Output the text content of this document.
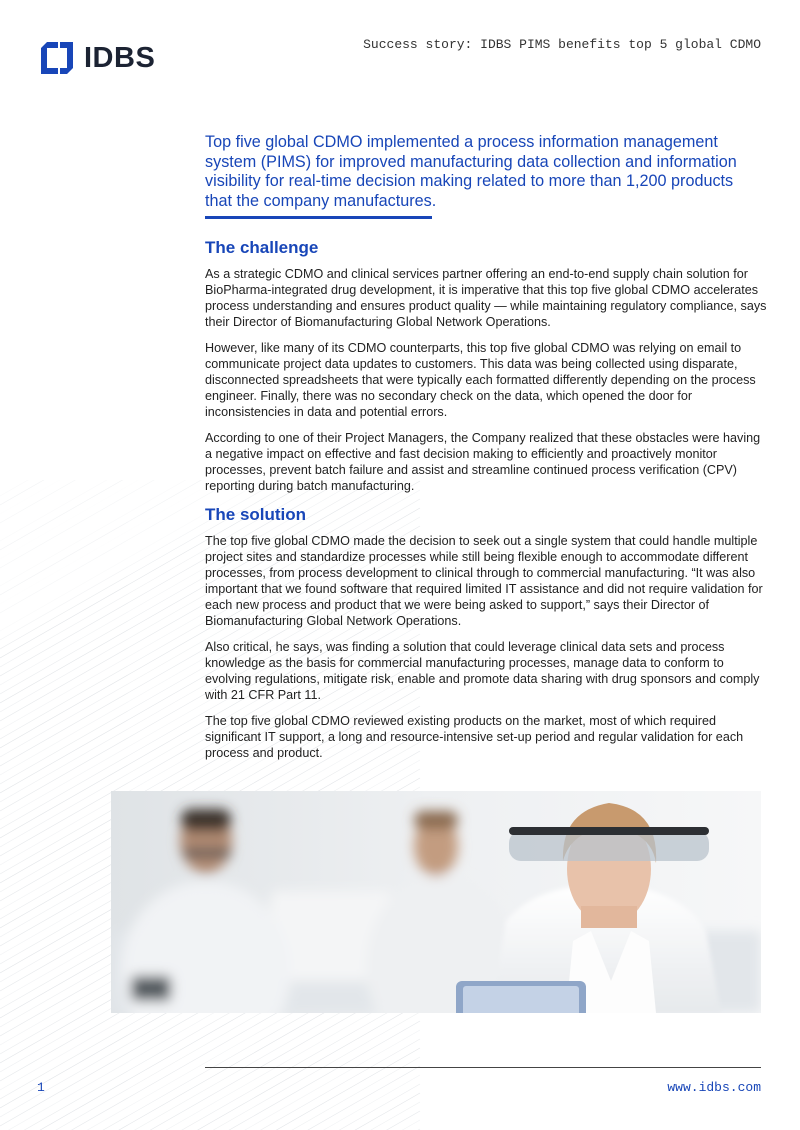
IDBS	Success story: IDBS PIMS benefits top 5 global CDMO
Top five global CDMO implemented a process information management system (PIMS) for improved manufacturing data collection and information visibility for real-time decision making related to more than 1,200 products that the company manufactures.
The challenge

As a strategic CDMO and clinical services partner offering an end-to-end supply chain solution for BioPharma-integrated drug development, it is imperative that this top five global CDMO accelerates process understanding and ensures product quality — while maintaining regulatory compliance, says their Director of Biomanufacturing Global Network Operations.

However, like many of its CDMO counterparts, this top five global CDMO was relying on email to communicate project data updates to customers. This data was being collected using disparate, disconnected spreadsheets that were typically each formatted differently depending on the process engineer. Finally, there was no secondary check on the data, which opened the door for inconsistencies in data and potential errors.

According to one of their Project Managers, the Company realized that these obstacles were having a negative impact on effective and fast decision making to efficiently and proactively monitor processes, prevent batch failure and assist and streamline continued process verification (CPV) reporting during batch manufacturing.

The solution

The top five global CDMO made the decision to seek out a single system that could handle multiple project sites and standardize processes while still being flexible enough to accommodate different processes, from process development to clinical through to commercial manufacturing. “It was also important that we found software that required limited IT assistance and did not require validation for each new process and product that we were being asked to support,” says their Director of Biomanufacturing Global Network Operations.

Also critical, he says, was finding a solution that could leverage clinical data sets and process knowledge as the basis for commercial manufacturing processes, manage data to conform to evolving regulations, mitigate risk, enable and promote data sharing with drug sponsors and comply with 21 CFR Part 11.

The top five global CDMO reviewed existing products on the market, most of which required significant IT support, a long and resource-intensive set-up period and regular validation for each process and product.

1	www.idbs.com
